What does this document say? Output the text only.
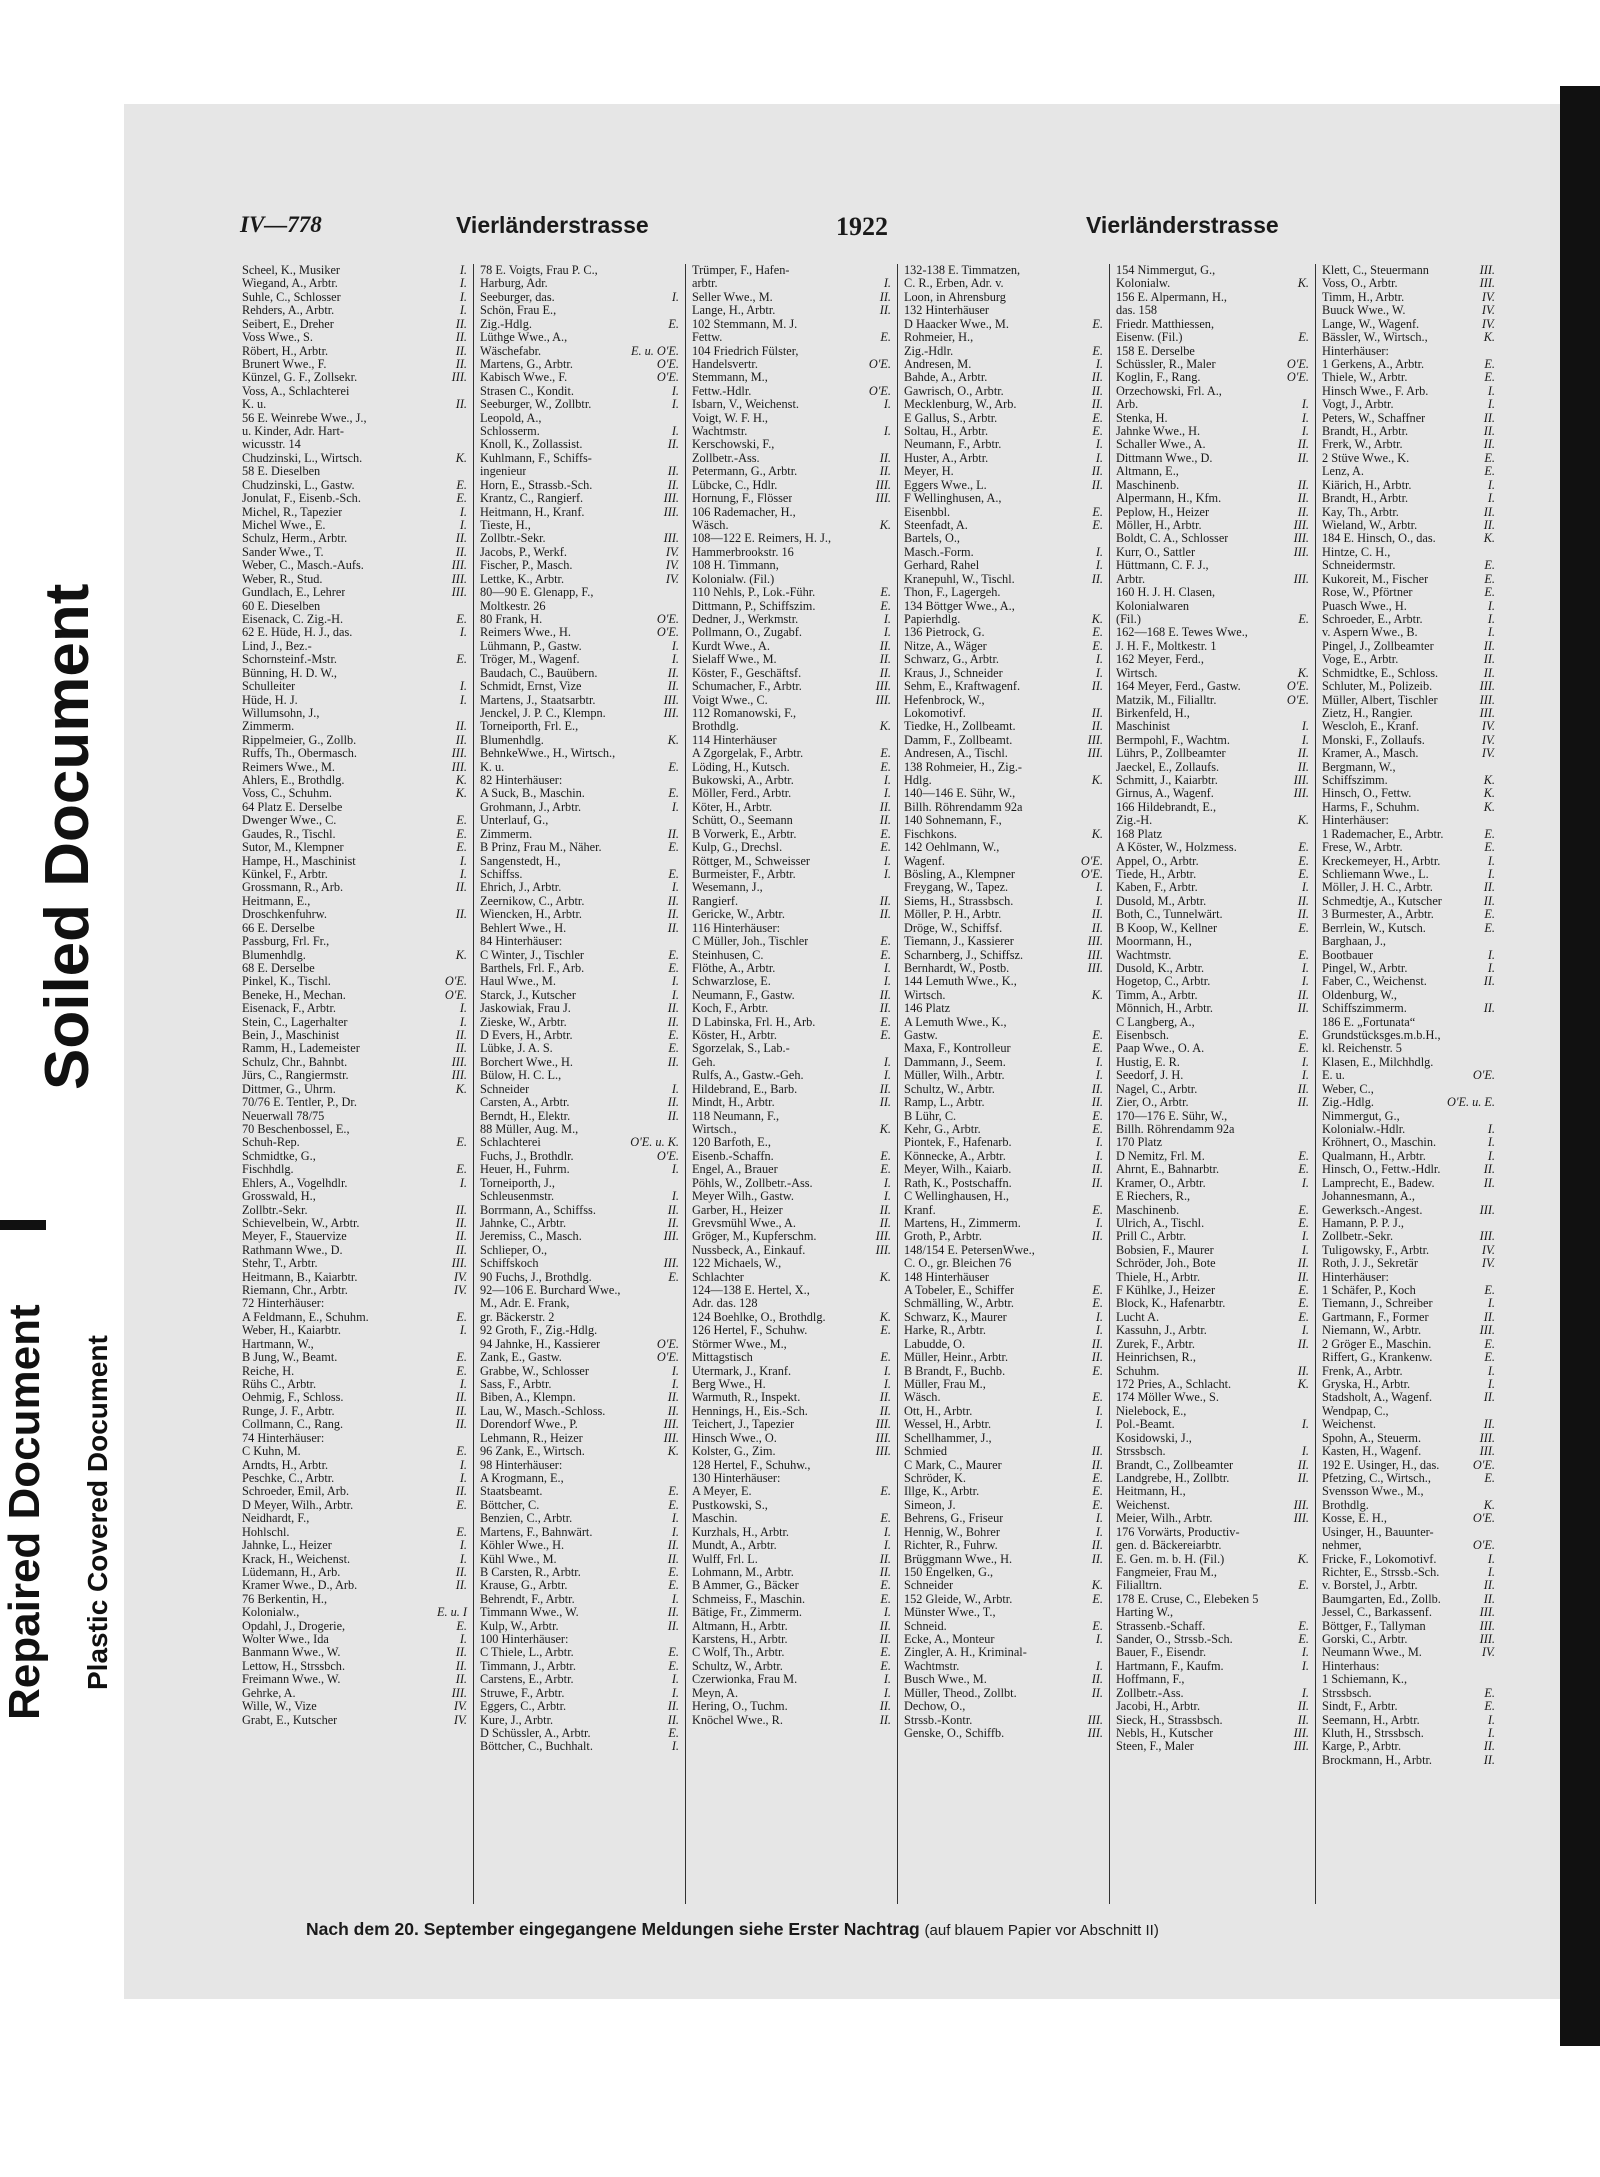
Soiled Document
Repaired Document Plastic Covered Document
IV—778	Vierländerstrasse	1922	Vierländerstrasse
Scheel, K., Musiker	I.
Wiegand, A., Arbtr.	I.
Suhle, C., Schlosser	I.
Rehders, A., Arbtr.	I.
Seibert, E., Dreher	II.
Voss Wwe., S.	II.
Röbert, H., Arbtr.	II.
Brunert Wwe., F.	II.
Künzel, G. F., Zollsekr.	III.
Voss, A., Schlachterei
K. u.	II.
56 E. Weinrebe Wwe., J.,
u. Kinder, Adr. Hart-
wicusstr. 14
Chudzinski, L., Wirtsch.	K.
58 E. Dieselben
Chudzinski, L., Gastw.	E.
Jonulat, F., Eisenb.-Sch.	E.
Michel, R., Tapezier	I.
Michel Wwe., E.	I.
Schulz, Herm., Arbtr.	II.
Sander Wwe., T.	II.
Weber, C., Masch.-Aufs.	III.
Weber, R., Stud.	III.
Gundlach, E., Lehrer	III.
60 E. Dieselben
Eisenack, C. Zig.-H.	E.
62 E. Hüde, H. J., das.	I.
Lind, J., Bez.-
Schornsteinf.-Mstr.	E.
Bünning, H. D. W.,
Schulleiter	I.
Hüde, H. J.	I.
Willumsohn, J.,
Zimmerm.	II.
Rippelmeier, G., Zollb.	II.
Ruffs, Th., Obermasch.	III.
Reimers Wwe., M.	III.
Ahlers, E., Brothdlg.	K.
Voss, C., Schuhm.	K.
64 Platz E. Derselbe
Dwenger Wwe., C.	E.
Gaudes, R., Tischl.	E.
Sutor, M., Klempner	E.
Hampe, H., Maschinist	I.
Künkel, F., Arbtr.	I.
Grossmann, R., Arb.	II.
Heitmann, E.,
Droschkenfuhrw.	II.
66 E. Derselbe
Passburg, Frl. Fr.,
Blumenhdlg.	K.
68 E. Derselbe
Pinkel, K., Tischl.	O'E.
Beneke, H., Mechan.	O'E.
Eisenack, F., Arbtr.	I.
Stein, C., Lagerhalter	I.
Bein, J., Maschinist	II.
Ramm, H., Lademeister	II.
Schulz, Chr., Bahnbt.	III.
Jürs, C., Rangiermstr.	III.
Dittmer, G., Uhrm.	K.
70/76 E. Tentler, P., Dr.
Neuerwall 78/75
70 Beschenbossel, E.,
Schuh-Rep.	E.
Schmidtke, G.,
Fischhdlg.	E.
Ehlers, A., Vogelhdlr.	I.
Grosswald, H.,
Zollbtr.-Sekr.	II.
Schievelbein, W., Arbtr.	II.
Meyer, F., Stauervize	II.
Rathmann Wwe., D.	II.
Stehr, T., Arbtr.	III.
Heitmann, B., Kaiarbtr.	IV.
Riemann, Chr., Arbtr.	IV.
72 Hinterhäuser:
A Feldmann, E., Schuhm.	E.
Weber, H., Kaiarbtr.	I.
Hartmann, W.,
B Jung, W., Beamt.	E.
Reiche, H.	E.
Rühs C., Arbtr.	I.
Oehmig, F., Schloss.	II.
Runge, J. F., Arbtr.	II.
Collmann, C., Rang.	II.
74 Hinterhäuser:
C Kuhn, M.	E.
Arndts, H., Arbtr.	I.
Peschke, C., Arbtr.	I.
Schroeder, Emil, Arb.	II.
D Meyer, Wilh., Arbtr.	E.
Neidhardt, F.,
Hohlschl.	E.
Jahnke, L., Heizer	I.
Krack, H., Weichenst.	I.
Lüdemann, H., Arb.	II.
Kramer Wwe., D., Arb.	II.
76 Berkentin, H.,
Kolonialw.,	E. u. I
Opdahl, J., Drogerie,	E.
Wolter Wwe., Ida	I.
Banmann Wwe., W.	II.
Lettow, H., Strssbch.	II.
Freimann Wwe., W.	II.
Gehrke, A.	III.
Wille, W., Vize	IV.
Grabt, E., Kutscher	IV.
78 E. Voigts, Frau P. C.,
Harburg, Adr.
Seeburger, das.	I.
Schön, Frau E.,
Zig.-Hdlg.	E.
Lüthge Wwe., A.,
Wäschefabr.	E. u. O'E.
Martens, G., Arbtr.	O'E.
Kabisch Wwe., F.	O'E.
Strasen C., Kondit.	I.
Seeburger, W., Zollbtr.	I.
Leopold, A.,
Schlosserm.	I.
Knoll, K., Zollassist.	II.
Kuhlmann, F., Schiffs-
ingenieur	II.
Horn, E., Strassb.-Sch.	II.
Krantz, C., Rangierf.	III.
Heitmann, H., Kranf.	III.
Tieste, H.,
Zollbtr.-Sekr.	III.
Jacobs, P., Werkf.	IV.
Fischer, P., Masch.	IV.
Lettke, K., Arbtr.	IV.
80—90 E. Glenapp, F.,
Moltkestr. 26
80 Frank, H.	O'E.
Reimers Wwe., H.	O'E.
Lühmann, P., Gastw.	I.
Tröger, M., Wagenf.	I.
Baudach, C., Bauübern.	II.
Schmidt, Ernst, Vize	II.
Martens, J., Staatsarbtr.	III.
Jenckel, J. P. C., Klempn.	III.
Torneiporth, Frl. E.,
Blumenhdlg.	K.
BehnkeWwe., H., Wirtsch.,
K. u.	E.
82 Hinterhäuser:
A Suck, B., Maschin.	E.
Grohmann, J., Arbtr.	I.
Unterlauf, G.,
Zimmerm.	II.
B Prinz, Frau M., Näher.	E.
Sangenstedt, H.,
Schiffss.	E.
Ehrich, J., Arbtr.	I.
Zeernikow, C., Arbtr.	II.
Wiencken, H., Arbtr.	II.
Behlert Wwe., H.	II.
84 Hinterhäuser:
C Winter, J., Tischler	E.
Barthels, Frl. F., Arb.	E.
Haul Wwe., M.	I.
Starck, J., Kutscher	I.
Jaskowiak, Frau J.	II.
Zieske, W., Arbtr.	II.
D Evers, H., Arbtr.	E.
Lübke, J. A. S.	E.
Borchert Wwe., H.	II.
Bülow, H. C. L.,
Schneider	I.
Carsten, A., Arbtr.	II.
Berndt, H., Elektr.	II.
88 Müller, Aug. M.,
Schlachterei	O'E. u. K.
Fuchs, J., Brothdlr.	O'E.
Heuer, H., Fuhrm.	I.
Torneiporth, J.,
Schleusenmstr.	I.
Borrmann, A., Schiffss.	II.
Jahnke, C., Arbtr.	II.
Jeremiss, C., Masch.	III.
Schlieper, O.,
Schiffskoch	III.
90 Fuchs, J., Brothdlg.	E.
92—106 E. Burchard Wwe.,
M., Adr. E. Frank,
gr. Bäckerstr. 2
92 Groth, F., Zig.-Hdlg.
94 Jahnke, H., Kassierer	O'E.
Zank, E., Gastw.	O'E.
Grabbe, W., Schlosser	I.
Sass, F., Arbtr.	I.
Biben, A., Klempn.	II.
Lau, W., Masch.-Schloss.	II.
Dorendorf Wwe., P.	III.
Lehmann, R., Heizer	III.
96 Zank, E., Wirtsch.	K.
98 Hinterhäuser:
A Krogmann, E.,
Staatsbeamt.	E.
Böttcher, C.	E.
Benzien, C., Arbtr.	I.
Martens, F., Bahnwärt.	I.
Köhler Wwe., H.	II.
Kühl Wwe., M.	II.
B Carsten, R., Arbtr.	E.
Krause, G., Arbtr.	E.
Behrendt, F., Arbtr.	I.
Timmann Wwe., W.	II.
Kulp, W., Arbtr.	II.
100 Hinterhäuser:
C Thiele, L., Arbtr.	E.
Timmann, J., Arbtr.	E.
Carstens, E., Arbtr.	I.
Struwe, F., Arbtr.	I.
Eggers, C., Arbtr.	II.
Kure, J., Arbtr.	II.
D Schüssler, A., Arbtr.	E.
Böttcher, C., Buchhalt.	I.
Trümper, F., Hafen-
arbtr.	I.
Seller Wwe., M.	II.
Lange, H., Arbtr.	II.
102 Stemmann, M. J.
Fettw.	E.
104 Friedrich Fülster,
Handelsvertr.	O'E.
Stemmann, M.,
Fettw.-Hdlr.	O'E.
Isbarn, V., Weichenst.	I.
Voigt, W. F. H.,
Wachtmstr.	I.
Kerschowski, F.,
Zollbetr.-Ass.	II.
Petermann, G., Arbtr.	II.
Lübcke, C., Hdlr.	III.
Hornung, F., Flösser	III.
106 Rademacher, H.,
Wäsch.	K.
108—122 E. Reimers, H. J.,
Hammerbrookstr. 16
108 H. Timmann,
Kolonialw. (Fil.)
110 Nehls, P., Lok.-Führ.	E.
Dittmann, P., Schiffszim.	E.
Dedner, J., Werkmstr.	I.
Pollmann, O., Zugabf.	I.
Kurdt Wwe., A.	II.
Sielaff Wwe., M.	II.
Köster, F., Geschäftsf.	II.
Schumacher, F., Arbtr.	III.
Voigt Wwe., C.	III.
112 Romanowski, F.,
Brothdlg.	K.
114 Hinterhäuser
A Zgorgelak, F., Arbtr.	E.
Löding, H., Kutsch.	E.
Bukowski, A., Arbtr.	I.
Möller, Ferd., Arbtr.	I.
Köter, H., Arbtr.	II.
Schütt, O., Seemann	II.
B Vorwerk, E., Arbtr.	E.
Kulp, G., Drechsl.	E.
Röttger, M., Schweisser	I.
Burmeister, F., Arbtr.	I.
Wesemann, J.,
Rangierf.	II.
Gericke, W., Arbtr.	II.
116 Hinterhäuser:
C Müller, Joh., Tischler	E.
Steinhusen, C.	E.
Flöthe, A., Arbtr.	I.
Schwarzlose, E.	I.
Neumann, F., Gastw.	II.
Koch, F., Arbtr.	II.
D Labinska, Frl. H., Arb.	E.
Köster, H., Arbtr.	E.
Sgorzelak, S., Lab.-
Geh.	I.
Rulfs, A., Gastw.-Geh.	I.
Hildebrand, E., Barb.	II.
Mindt, H., Arbtr.	II.
118 Neumann, F.,
Wirtsch.,	K.
120 Barfoth, E.,
Eisenb.-Schaffn.	E.
Engel, A., Brauer	E.
Pöhls, W., Zollbetr.-Ass.	I.
Meyer Wilh., Gastw.	I.
Garber, H., Heizer	II.
Grevsmühl Wwe., A.	II.
Gröger, M., Kupferschm.	III.
Nussbeck, A., Einkauf.	III.
122 Michaels, W.,
Schlachter	K.
124—138 E. Hertel, X.,
Adr. das. 128
124 Boehlke, O., Brothdlg.	K.
126 Hertel, F., Schuhw.	E.
Störmer Wwe., M.,
Mittagstisch	E.
Utermark, J., Kranf.	I.
Berg Wwe., H.	I.
Warmuth, R., Inspekt.	II.
Hennings, H., Eis.-Sch.	II.
Teichert, J., Tapezier	III.
Hinsch Wwe., O.	III.
Kolster, G., Zim.	III.
128 Hertel, F., Schuhw.,
130 Hinterhäuser:
A Meyer, E.	E.
Pustkowski, S.,
Maschin.	E.
Kurzhals, H., Arbtr.	I.
Mundt, A., Arbtr.	I.
Wulff, Frl. L.	II.
Lohmann, M., Arbtr.	II.
B Ammer, G., Bäcker	E.
Schmeiss, F., Maschin.	E.
Bätige, Fr., Zimmerm.	I.
Altmann, H., Arbtr.	II.
Karstens, H., Arbtr.	II.
C Wolf, Th., Arbtr.	E.
Schultz, W., Arbtr.	E.
Czerwionka, Frau M.	I.
Meyn, A.	I.
Hering, O., Tuchm.	II.
Knöchel Wwe., R.	II.
132-138 E. Timmatzen,
C. R., Erben, Adr. v.
Loon, in Ahrensburg
132 Hinterhäuser
D Haacker Wwe., M.	E.
Rohmeier, H.,
Zig.-Hdlr.	E.
Andresen, M.	I.
Bahde, A., Arbtr.	II.
Gawrisch, O., Arbtr.	II.
Mecklenburg, W., Arb.	II.
E Gallus, S., Arbtr.	E.
Soltau, H., Arbtr.	E.
Neumann, F., Arbtr.	I.
Huster, A., Arbtr.	I.
Meyer, H.	II.
Eggers Wwe., L.	II.
F Wellinghusen, A.,
Eisenbbl.	E.
Steenfadt, A.	E.
Bartels, O.,
Masch.-Form.	I.
Gerhard, Rahel	I.
Kranepuhl, W., Tischl.	II.
Thon, F., Lagergeh.
134 Böttger Wwe., A.,
Papierhdlg.	K.
136 Pietrock, G.	E.
Nitze, A., Wäger	E.
Schwarz, G., Arbtr.	I.
Kraus, J., Schneider	I.
Sehm, E., Kraftwagenf.	II.
Hefenbrock, W.,
Lokomotivf.	II.
Tiedke, H., Zollbeamt.	II.
Damm, F., Zollbeamt.	III.
Andresen, A., Tischl.	III.
138 Rohmeier, H., Zig.-
Hdlg.	K.
140—146 E. Sühr, W.,
Billh. Röhrendamm 92a
140 Sohnemann, F.,
Fischkons.	K.
142 Oehlmann, W.,
Wagenf.	O'E.
Bösling, A., Klempner	O'E.
Freygang, W., Tapez.	I.
Siems, H., Strassbsch.	I.
Möller, P. H., Arbtr.	II.
Dröge, W., Schiffsf.	II.
Tiemann, J., Kassierer	III.
Scharnberg, J., Schiffsz.	III.
Bernhardt, W., Postb.	III.
144 Lemuth Wwe., K.,
Wirtsch.	K.
146 Platz
A Lemuth Wwe., K.,
Gastw.	E.
Maxa, F., Kontrolleur	E.
Dammann, J., Seem.	I.
Müller, Wilh., Arbtr.	I.
Schultz, W., Arbtr.	II.
Ramp, L., Arbtr.	II.
B Lühr, C.	E.
Kehr, G., Arbtr.	E.
Piontek, F., Hafenarb.	I.
Könnecke, A., Arbtr.	I.
Meyer, Wilh., Kaiarb.	II.
Rath, K., Postschaffn.	II.
C Wellinghausen, H.,
Kranf.	E.
Martens, H., Zimmerm.	I.
Groth, P., Arbtr.	II.
148/154 E. PetersenWwe.,
C. O., gr. Bleichen 76
148 Hinterhäuser
A Tobeler, E., Schiffer	E.
Schmälling, W., Arbtr.	E.
Schwarz, K., Maurer	I.
Harke, R., Arbtr.	I.
Labudde, O.	II.
Müller, Heinr., Arbtr.	II.
B Brandt, F., Buchb.	E.
Müller, Frau M.,
Wäsch.	E.
Ott, H., Arbtr.	I.
Wessel, H., Arbtr.	I.
Schellhammer, J.,
Schmied	II.
C Mark, C., Maurer	II.
Schröder, K.	E.
Illge, K., Arbtr.	E.
Simeon, J.	E.
Behrens, G., Friseur	I.
Hennig, W., Bohrer	I.
Richter, R., Fuhrw.	II.
Brüggmann Wwe., H.	II.
150 Engelken, G.,
Schneider	K.
152 Gleide, W., Arbtr.	E.
Münster Wwe., T.,
Schneid.	E.
Ecke, A., Monteur	I.
Zingler, A. H., Kriminal-
Wachtmstr.	I.
Busch Wwe., M.	II.
Müller, Theod., Zollbt.	II.
Dechow, O.,
Strssb.-Kontr.	III.
Genske, O., Schiffb.	III.
154 Nimmergut, G.,
Kolonialw.	K.
156 E. Alpermann, H.,
das. 158
Friedr. Matthiessen,
Eisenw. (Fil.)	E.
158 E. Derselbe
Schüssler, R., Maler	O'E.
Koglin, F., Rang.	O'E.
Orzechowski, Frl. A.,
Arb.	I.
Stenka, H.	I.
Jahnke Wwe., H.	I.
Schaller Wwe., A.	II.
Dittmann Wwe., D.	II.
Altmann, E.,
Maschinenb.	II.
Alpermann, H., Kfm.	II.
Peplow, H., Heizer	II.
Möller, H., Arbtr.	III.
Boldt, C. A., Schlosser	III.
Kurr, O., Sattler	III.
Hüttmann, C. F. J.,
Arbtr.	III.
160 H. J. H. Clasen,
Kolonialwaren
(Fil.)	E.
162—168 E. Tewes Wwe.,
J. H. F., Moltkestr. 1
162 Meyer, Ferd.,
Wirtsch.	K.
164 Meyer, Ferd., Gastw.	O'E.
Matzik, M., Filialltr.	O'E.
Birkenfeld, H.,
Maschinist	I.
Bermpohl, F., Wachtm.	I.
Lührs, P., Zollbeamter	II.
Jaeckel, E., Zollaufs.	II.
Schmitt, J., Kaiarbtr.	III.
Girnus, A., Wagenf.	III.
166 Hildebrandt, E.,
Zig.-H.	K.
168 Platz
A Köster, W., Holzmess.	E.
Appel, O., Arbtr.	E.
Tiede, H., Arbtr.	E.
Kaben, F., Arbtr.	I.
Dusold, M., Arbtr.	II.
Both, C., Tunnelwärt.	II.
B Koop, W., Kellner	E.
Moormann, H.,
Wachtmstr.	E.
Dusold, K., Arbtr.	I.
Hogetop, C., Arbtr.	I.
Timm, A., Arbtr.	II.
Mönnich, H., Arbtr.	II.
C Langberg, A.,
Eisenbsch.	E.
Paap Wwe., O. A.	E.
Hustig, E. R.	I.
Seedorf, J. H.	I.
Nagel, C., Arbtr.	II.
Zier, O., Arbtr.	II.
170—176 E. Sühr, W.,
Billh. Röhrendamm 92a
170 Platz
D Nemitz, Frl. M.	E.
Ahrnt, E., Bahnarbtr.	E.
Kramer, O., Arbtr.	I.
E Riechers, R.,
Maschinenb.	E.
Ulrich, A., Tischl.	E.
Prill C., Arbtr.	I.
Bobsien, F., Maurer	I.
Schröder, Joh., Bote	II.
Thiele, H., Arbtr.	II.
F Kühlke, J., Heizer	E.
Block, K., Hafenarbtr.	E.
Lucht A.	E.
Kassuhn, J., Arbtr.	I.
Zurek, F., Arbtr.	II.
Heinrichsen, R.,
Schuhm.	II.
172 Pries, A., Schlacht.	K.
174 Möller Wwe., S.
Nielebock, E.,
Pol.-Beamt.	I.
Kosidowski, J.,
Strssbsch.	I.
Brandt, C., Zollbeamter	II.
Landgrebe, H., Zollbtr.	II.
Heitmann, H.,
Weichenst.	III.
Meier, Wilh., Arbtr.	III.
176 Vorwärts, Productiv-
gen. d. Bäckereiarbtr.
E. Gen. m. b. H. (Fil.)	K.
Fangmeier, Frau M.,
Filialltrn.	E.
178 E. Cruse, C., Elebeken 5
Harting W.,
Strassenb.-Schaff.	E.
Sander, O., Strssb.-Sch.	E.
Bauer, F., Eisendr.	I.
Hartmann, F., Kaufm.	I.
Hoffmann, F.,
Zollbetr.-Ass.	I.
Jacobi, H., Arbtr.	II.
Sieck, H., Strassbsch.	II.
Nebls, H., Kutscher	III.
Steen, F., Maler	III.
Klett, C., Steuermann	III.
Voss, O., Arbtr.	III.
Timm, H., Arbtr.	IV.
Buuck Wwe., W.	IV.
Lange, W., Wagenf.	IV.
Bässler, W., Wirtsch.,	K.
Hinterhäuser:
1 Gerkens, A., Arbtr.	E.
Thiele, W., Arbtr.	E.
Hinsch Wwe., F. Arb.	I.
Vogt, J., Arbtr.	I.
Peters, W., Schaffner	II.
Brandt, H., Arbtr.	II.
Frerk, W., Arbtr.	II.
2 Stüve Wwe., K.	E.
Lenz, A.	E.
Kiärich, H., Arbtr.	I.
Brandt, H., Arbtr.	I.
Kay, Th., Arbtr.	II.
Wieland, W., Arbtr.	II.
184 E. Hinsch, O., das.	K.
Hintze, C. H.,
Schneidermstr.	E.
Kukoreit, M., Fischer	E.
Rose, W., Pförtner	E.
Puasch Wwe., H.	I.
Schroeder, E., Arbtr.	I.
v. Aspern Wwe., B.	I.
Pingel, J., Zollbeamter	II.
Voge, E., Arbtr.	II.
Schmidtke, E., Schloss.	II.
Schluter, M., Polizeib.	III.
Müller, Albert, Tischler	III.
Zietz, H., Rangier.	III.
Wescloh, E., Kranf.	IV.
Monski, F., Zollaufs.	IV.
Kramer, A., Masch.	IV.
Bergmann, W.,
Schiffszimm.	K.
Hinsch, O., Fettw.	K.
Harms, F., Schuhm.	K.
Hinterhäuser:
1 Rademacher, E., Arbtr.	E.
Frese, W., Arbtr.	E.
Kreckemeyer, H., Arbtr.	I.
Schliemann Wwe., L.	I.
Möller, J. H. C., Arbtr.	II.
Schmedtje, A., Kutscher	II.
3 Burmester, A., Arbtr.	E.
Berrlein, W., Kutsch.	E.
Barghaan, J.,
Bootbauer	I.
Pingel, W., Arbtr.	I.
Faber, C., Weichenst.	II.
Oldenburg, W.,
Schiffszimmerm.	II.
186 E. „Fortunata“
Grundstücksges.m.b.H.,
kl. Reichenstr. 5
Klasen, E., Milchhdlg.
E. u.	O'E.
Weber, C.,
Zig.-Hdlg.	O'E. u. E.
Nimmergut, G.,
Kolonialw.-Hdlr.	I.
Kröhnert, O., Maschin.	I.
Qualmann, H., Arbtr.	I.
Hinsch, O., Fettw.-Hdlr.	II.
Lamprecht, E., Badew.	II.
Johannesmann, A.,
Gewerksch.-Angest.	III.
Hamann, P. P. J.,
Zollbetr.-Sekr.	III.
Tuligowsky, F., Arbtr.	IV.
Roth, J. J., Sekretär	IV.
Hinterhäuser:
1 Schäfer, P., Koch	E.
Tiemann, J., Schreiber	I.
Gartmann, F., Former	II.
Niemann, W., Arbtr.	III.
2 Gröger E., Maschin.	E.
Riffert, G., Krankenw.	E.
Frenk, A., Arbtr.	I.
Gryska, H., Arbtr.	I.
Stadsholt, A., Wagenf.	II.
Wendpap, C.,
Weichenst.	II.
Spohn, A., Steuerm.	III.
Kasten, H., Wagenf.	III.
192 E. Usinger, H., das.	O'E.
Pfetzing, C., Wirtsch.,	E.
Svensson Wwe., M.,
Brothdlg.	K.
Kosse, E. H.,	O'E.
Usinger, H., Bauunter-
nehmer,	O'E.
Fricke, F., Lokomotivf.	I.
Richter, E., Strssb.-Sch.	I.
v. Borstel, J., Arbtr.	II.
Baumgarten, Ed., Zollb.	II.
Jessel, C., Barkassenf.	III.
Böttger, F., Tallyman	III.
Gorski, C., Arbtr.	III.
Neumann Wwe., M.	IV.
Hinterhaus:
1 Schiemann, K.,
Strssbsch.	E.
Sindt, F., Arbtr.	E.
Seemann, H., Arbtr.	I.
Kluth, H., Strssbsch.	I.
Karge, P., Arbtr.	II.
Brockmann, H., Arbtr.	II.
Nach dem 20. September eingegangene Meldungen siehe Erster Nachtrag (auf blauem Papier vor Abschnitt II)
